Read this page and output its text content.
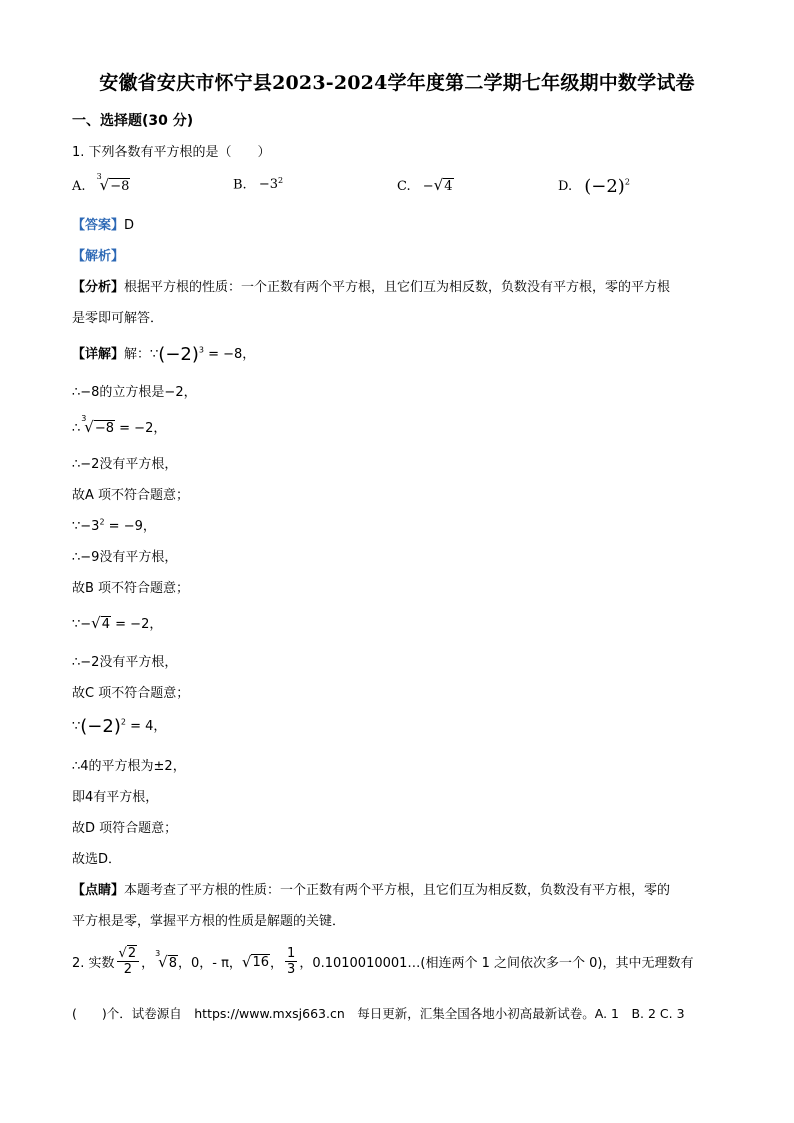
安徽省安庆市怀宁县2023-2024学年度第二学期七年级期中数学试卷
一、选择题(30 分)
1. 下列各数有平方根的是（　　）
A.
3
√−8	B. $-3^2$	C. −√4	D. $(-2)^2$
【答案】D
【解析】
【分析】根据平方根的性质：一个正数有两个平方根，且它们互为相反数，负数没有平方根，零的平方根
是零即可解答．
【详解】解：$\because(-2)^3 = -8$，
∴−8的立方根是−2，
∴
3
√−8 = −2，
∴−2没有平方根，
故A 项不符合题意；
$\because-3^2 = -9$，
∴−9没有平方根，
故B 项不符合题意；
∵−√4 = −2，
∴−2没有平方根，
故C 项不符合题意；
$\because(-2)^2 = 4$，
∴4的平方根为±2，
即4有平方根，
故D 项符合题意；
故选D．
【点睛】本题考查了平方根的性质：一个正数有两个平方根，且它们互为相反数，负数没有平方根，零的
平方根是零，掌握平方根的性质是解题的关键．
2. 实数 $\frac{√2}{2}$ ，
3
√8 ，0，- π， √ 16 ， $\frac{1}{3}$ ，0.1010010001…(相连两个 1 之间依次多一个 0)，其中无理数有
(　　)个．试卷源自　https://www.mxsj663.cn　每日更新，汇集全国各地小初高最新试卷。A. 1　B. 2 C. 3
